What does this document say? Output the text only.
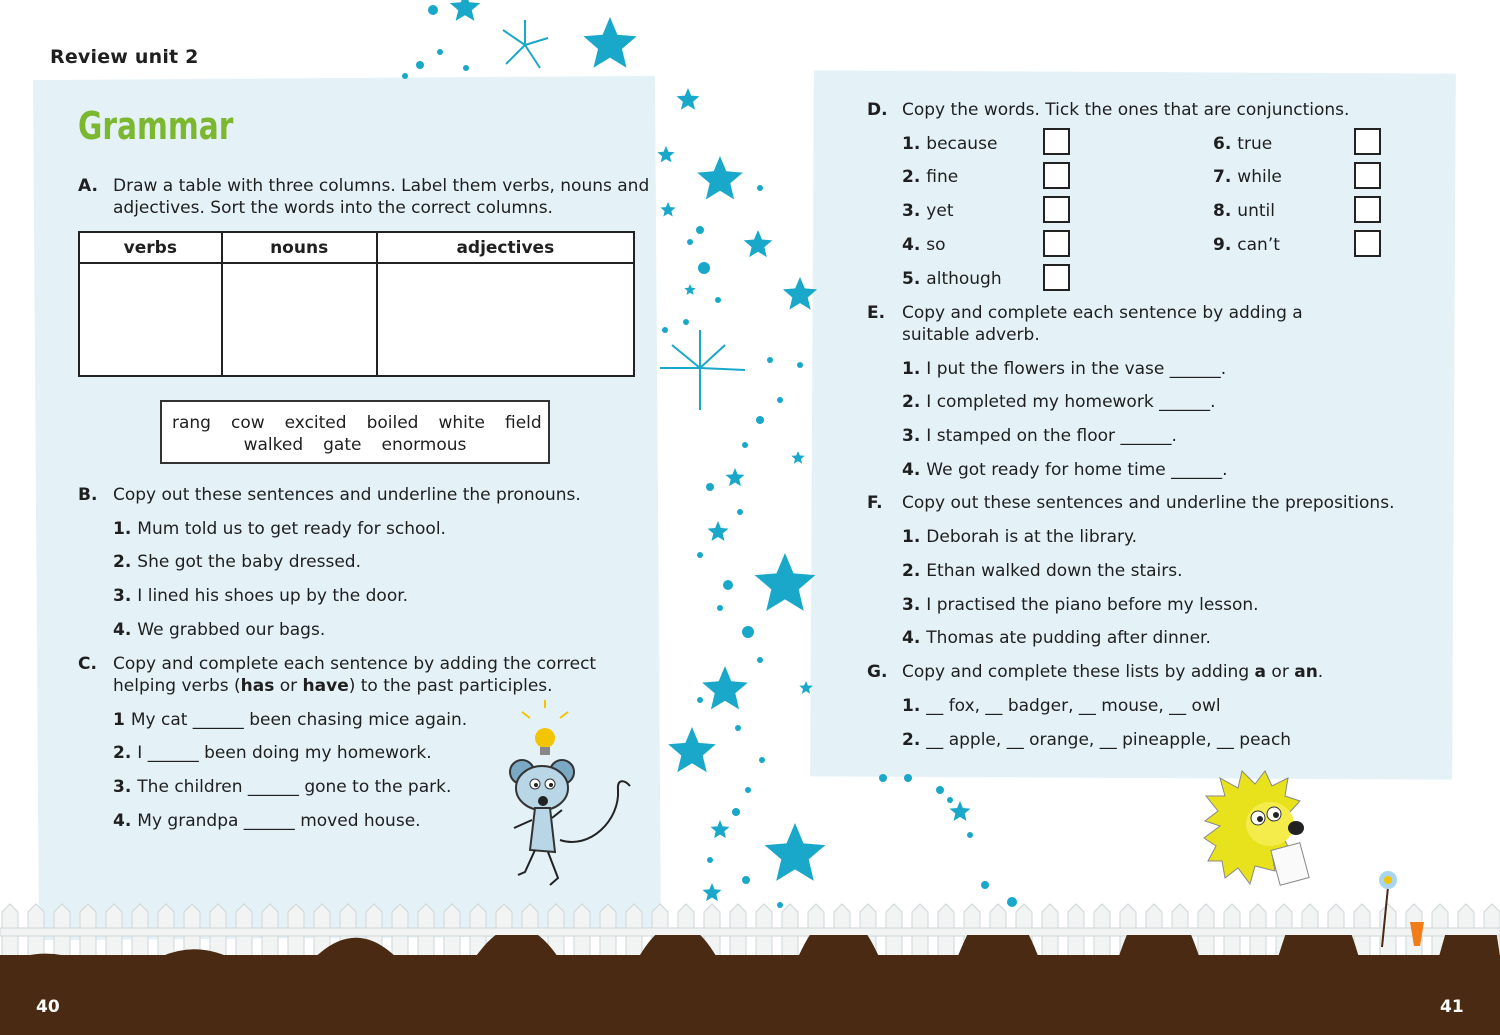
Review unit 2
Grammar
A. Draw a table with three columns. Label them verbs, nouns and
adjectives. Sort the words into the correct columns.
verbs	nouns	adjectives

rang cow excited boiled white field
walked gate enormous
B. Copy out these sentences and underline the pronouns.
1. Mum told us to get ready for school.
2. She got the baby dressed.
3. I lined his shoes up by the door.
4. We grabbed our bags.
C. Copy and complete each sentence by adding the correct
helping verbs (has or have) to the past participles.
1 My cat ______ been chasing mice again.
2. I ______ been doing my homework.
3. The children ______ gone to the park.
4. My grandpa ______ moved house.
D. Copy the words. Tick the ones that are conjunctions.
1. because
2. fine
3. yet
4. so
5. although
6. true
7. while
8. until
9. can’t
E. Copy and complete each sentence by adding a
suitable adverb.
1. I put the flowers in the vase ______.
2. I completed my homework ______.
3. I stamped on the floor ______.
4. We got ready for home time ______.
F. Copy out these sentences and underline the prepositions.
1. Deborah is at the library.
2. Ethan walked down the stairs.
3. I practised the piano before my lesson.
4. Thomas ate pudding after dinner.
G. Copy and complete these lists by adding a or an.
1. __ fox, __ badger, __ mouse, __ owl
2. __ apple, __ orange, __ pineapple, __ peach
40	41
